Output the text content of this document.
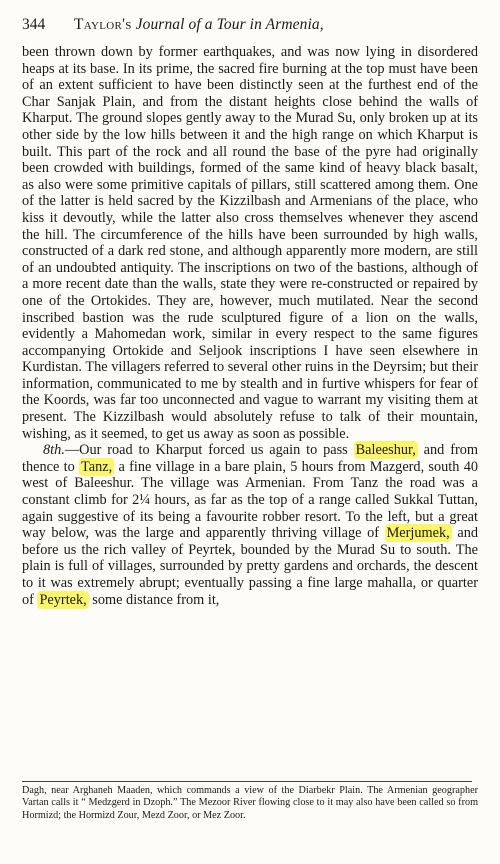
344 Taylor's Journal of a Tour in Armenia,

been thrown down by former earthquakes, and was now lying in disordered heaps at its base. In its prime, the sacred fire burning at the top must have been of an extent sufficient to have been distinctly seen at the furthest end of the Char Sanjak Plain, and from the distant heights close behind the walls of Kharput. The ground slopes gently away to the Murad Su, only broken up at its other side by the low hills between it and the high range on which Kharput is built. This part of the rock and all round the base of the pyre had originally been crowded with buildings, formed of the same kind of heavy black basalt, as also were some primitive capitals of pillars, still scattered among them. One of the latter is held sacred by the Kizzilbash and Armenians of the place, who kiss it devoutly, while the latter also cross themselves whenever they ascend the hill. The circumference of the hills have been surrounded by high walls, constructed of a dark red stone, and although apparently more modern, are still of an undoubted antiquity. The inscriptions on two of the bastions, although of a more recent date than the walls, state they were re-constructed or repaired by one of the Ortokides. They are, however, much mutilated. Near the second inscribed bastion was the rude sculptured figure of a lion on the walls, evidently a Mahomedan work, similar in every respect to the same figures accompanying Ortokide and Seljook inscriptions I have seen elsewhere in Kurdistan. The villagers referred to several other ruins in the Deyrsim; but their information, communicated to me by stealth and in furtive whispers for fear of the Koords, was far too unconnected and vague to warrant my visiting them at present. The Kizzilbash would absolutely refuse to talk of their mountain, wishing, as it seemed, to get us away as soon as possible.

8th.—Our road to Kharput forced us again to pass Baleeshur, and from thence to Tanz, a fine village in a bare plain, 5 hours from Mazgerd, south 40 west of Baleeshur. The village was Armenian. From Tanz the road was a constant climb for 2¼ hours, as far as the top of a range called Sukkal Tuttan, again suggestive of its being a favourite robber resort. To the left, but a great way below, was the large and apparently thriving village of Merjumek, and before us the rich valley of Peyrtek, bounded by the Murad Su to south. The plain is full of villages, surrounded by pretty gardens and orchards, the descent to it was extremely abrupt; eventually passing a fine large mahalla, or quarter of Peyrtek, some distance from it,

Dagh, near Arghaneh Maaden, which commands a view of the Diarbekr Plain. The Armenian geographer Vartan calls it “ Medzgerd in Dzoph.” The Mezoor River flowing close to it may also have been called so from Hormizd; the Hormizd Zour, Mezd Zoor, or Mez Zoor.
